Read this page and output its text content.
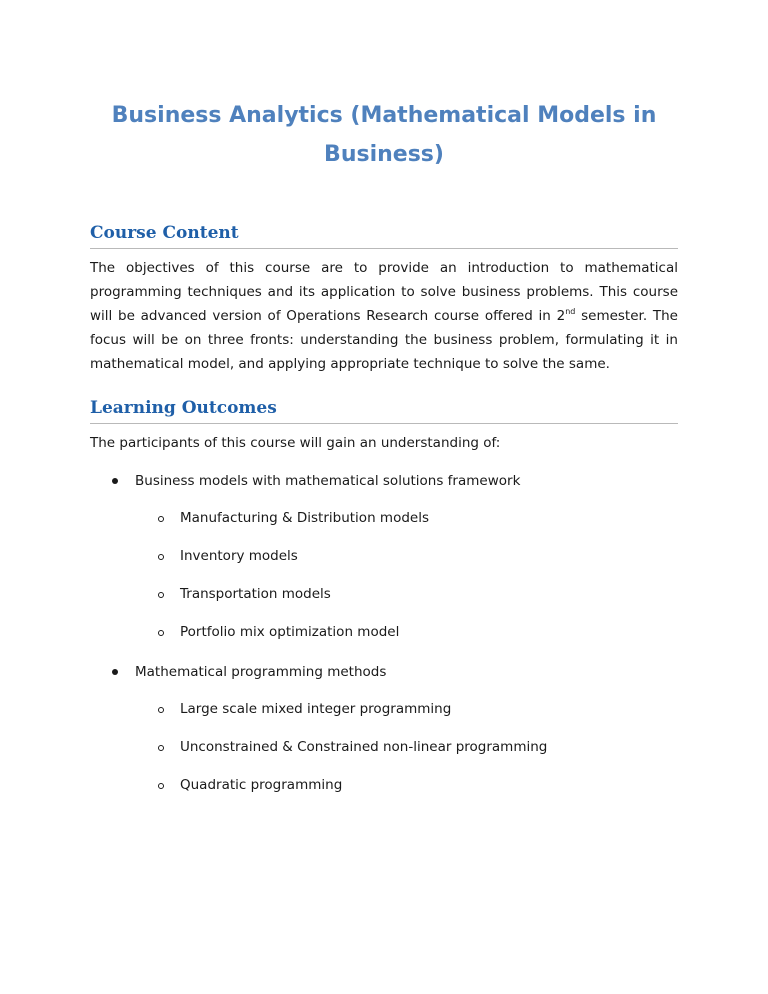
Business Analytics (Mathematical Models in Business)
Course Content

The objectives of this course are to provide an introduction to mathematical programming techniques and its application to solve business problems. This course will be advanced version of Operations Research course offered in 2nd semester. The focus will be on three fronts: understanding the business problem, formulating it in mathematical model, and applying appropriate technique to solve the same.

Learning Outcomes

The participants of this course will gain an understanding of:

Business models with mathematical solutions framework
Manufacturing & Distribution models
Inventory models
Transportation models
Portfolio mix optimization model
Mathematical programming methods
Large scale mixed integer programming
Unconstrained & Constrained non-linear programming
Quadratic programming
